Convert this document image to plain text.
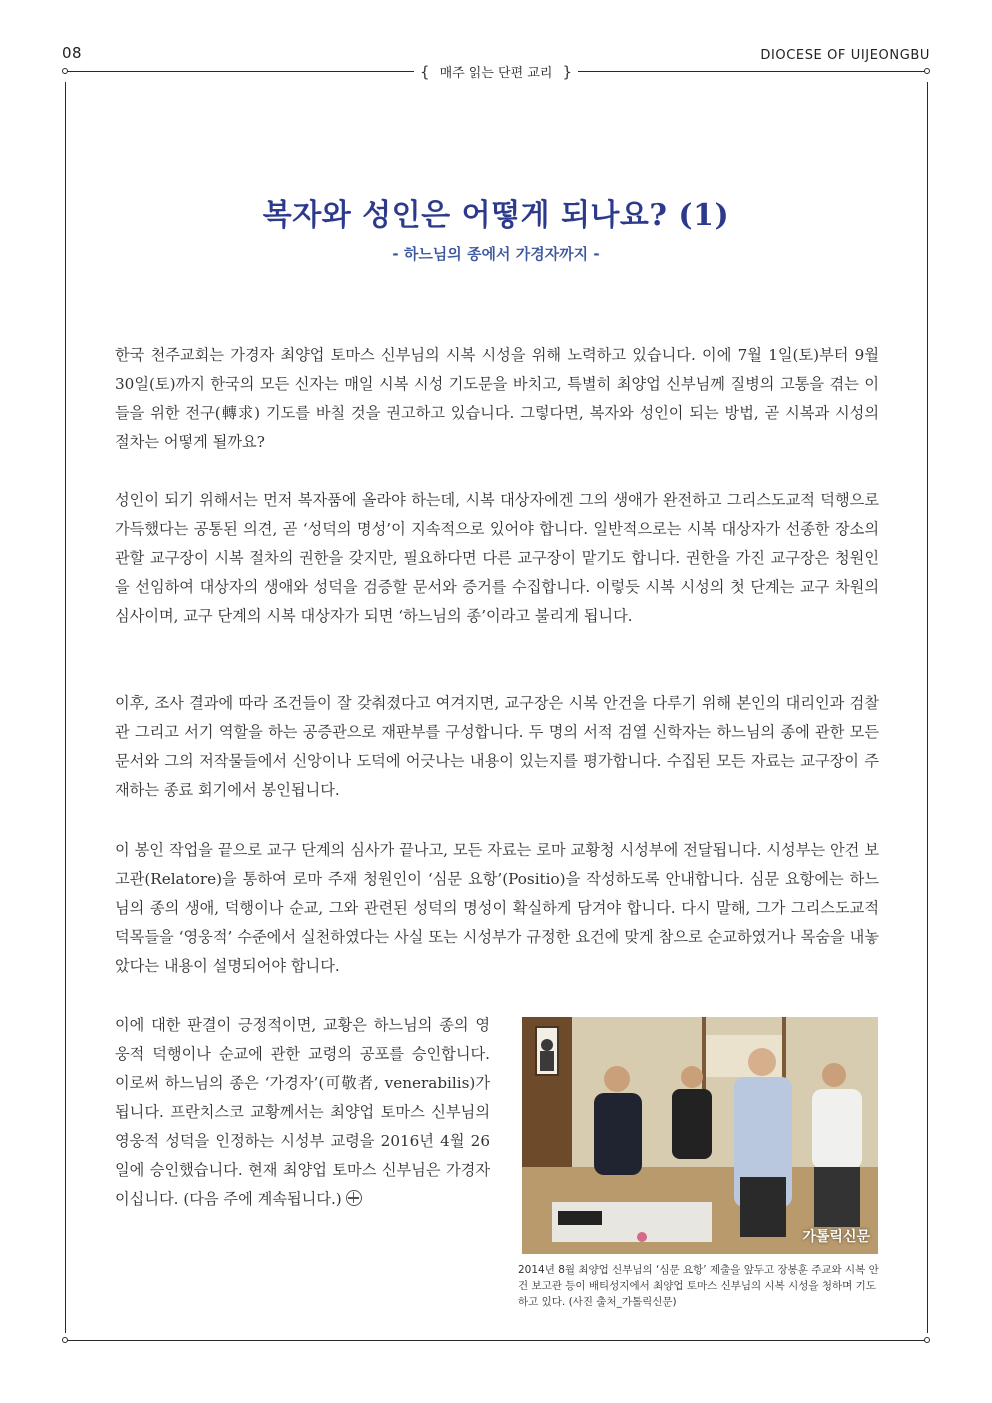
08	DIOCESE OF UIJEONGBU
{ 매주 읽는 단편 교리 }
복자와 성인은 어떻게 되나요? (1)
- 하느님의 종에서 가경자까지 -
한국 천주교회는 가경자 최양업 토마스 신부님의 시복 시성을 위해 노력하고 있습니다. 이에 7월 1일(토)부터 9월 30일(토)까지 한국의 모든 신자는 매일 시복 시성 기도문을 바치고, 특별히 최양업 신부님께 질병의 고통을 겪는 이들을 위한 전구(轉求) 기도를 바칠 것을 권고하고 있습니다. 그렇다면, 복자와 성인이 되는 방법, 곧 시복과 시성의 절차는 어떻게 될까요?
성인이 되기 위해서는 먼저 복자품에 올라야 하는데, 시복 대상자에겐 그의 생애가 완전하고 그리스도교적 덕행으로 가득했다는 공통된 의견, 곧 ‘성덕의 명성’이 지속적으로 있어야 합니다. 일반적으로는 시복 대상자가 선종한 장소의 관할 교구장이 시복 절차의 권한을 갖지만, 필요하다면 다른 교구장이 맡기도 합니다. 권한을 가진 교구장은 청원인을 선임하여 대상자의 생애와 성덕을 검증할 문서와 증거를 수집합니다. 이렇듯 시복 시성의 첫 단계는 교구 차원의 심사이며, 교구 단계의 시복 대상자가 되면 ‘하느님의 종’이라고 불리게 됩니다.
이후, 조사 결과에 따라 조건들이 잘 갖춰졌다고 여겨지면, 교구장은 시복 안건을 다루기 위해 본인의 대리인과 검찰관 그리고 서기 역할을 하는 공증관으로 재판부를 구성합니다. 두 명의 서적 검열 신학자는 하느님의 종에 관한 모든 문서와 그의 저작물들에서 신앙이나 도덕에 어긋나는 내용이 있는지를 평가합니다. 수집된 모든 자료는 교구장이 주재하는 종료 회기에서 봉인됩니다.
이 봉인 작업을 끝으로 교구 단계의 심사가 끝나고, 모든 자료는 로마 교황청 시성부에 전달됩니다. 시성부는 안건 보고관(Relatore)을 통하여 로마 주재 청원인이 ‘심문 요항’(Positio)을 작성하도록 안내합니다. 심문 요항에는 하느님의 종의 생애, 덕행이나 순교, 그와 관련된 성덕의 명성이 확실하게 담겨야 합니다. 다시 말해, 그가 그리스도교적 덕목들을 ‘영웅적’ 수준에서 실천하였다는 사실 또는 시성부가 규정한 요건에 맞게 참으로 순교하였거나 목숨을 내놓았다는 내용이 설명되어야 합니다.
이에 대한 판결이 긍정적이면, 교황은 하느님의 종의 영웅적 덕행이나 순교에 관한 교령의 공포를 승인합니다. 이로써 하느님의 종은 ‘가경자’(可敬者, venerabilis)가 됩니다. 프란치스코 교황께서는 최양업 토마스 신부님의 영웅적 성덕을 인정하는 시성부 교령을 2016년 4월 26일에 승인했습니다. 현재 최양업 토마스 신부님은 가경자이십니다. (다음 주에 계속됩니다.)
가톨릭신문
2014년 8월 최양업 신부님의 ‘심문 요항’ 제출을 앞두고 장봉훈 주교와 시복 안건 보고관 등이 배티성지에서 최양업 토마스 신부님의 시복 시성을 청하며 기도하고 있다. (사진 출처_가톨릭신문)
